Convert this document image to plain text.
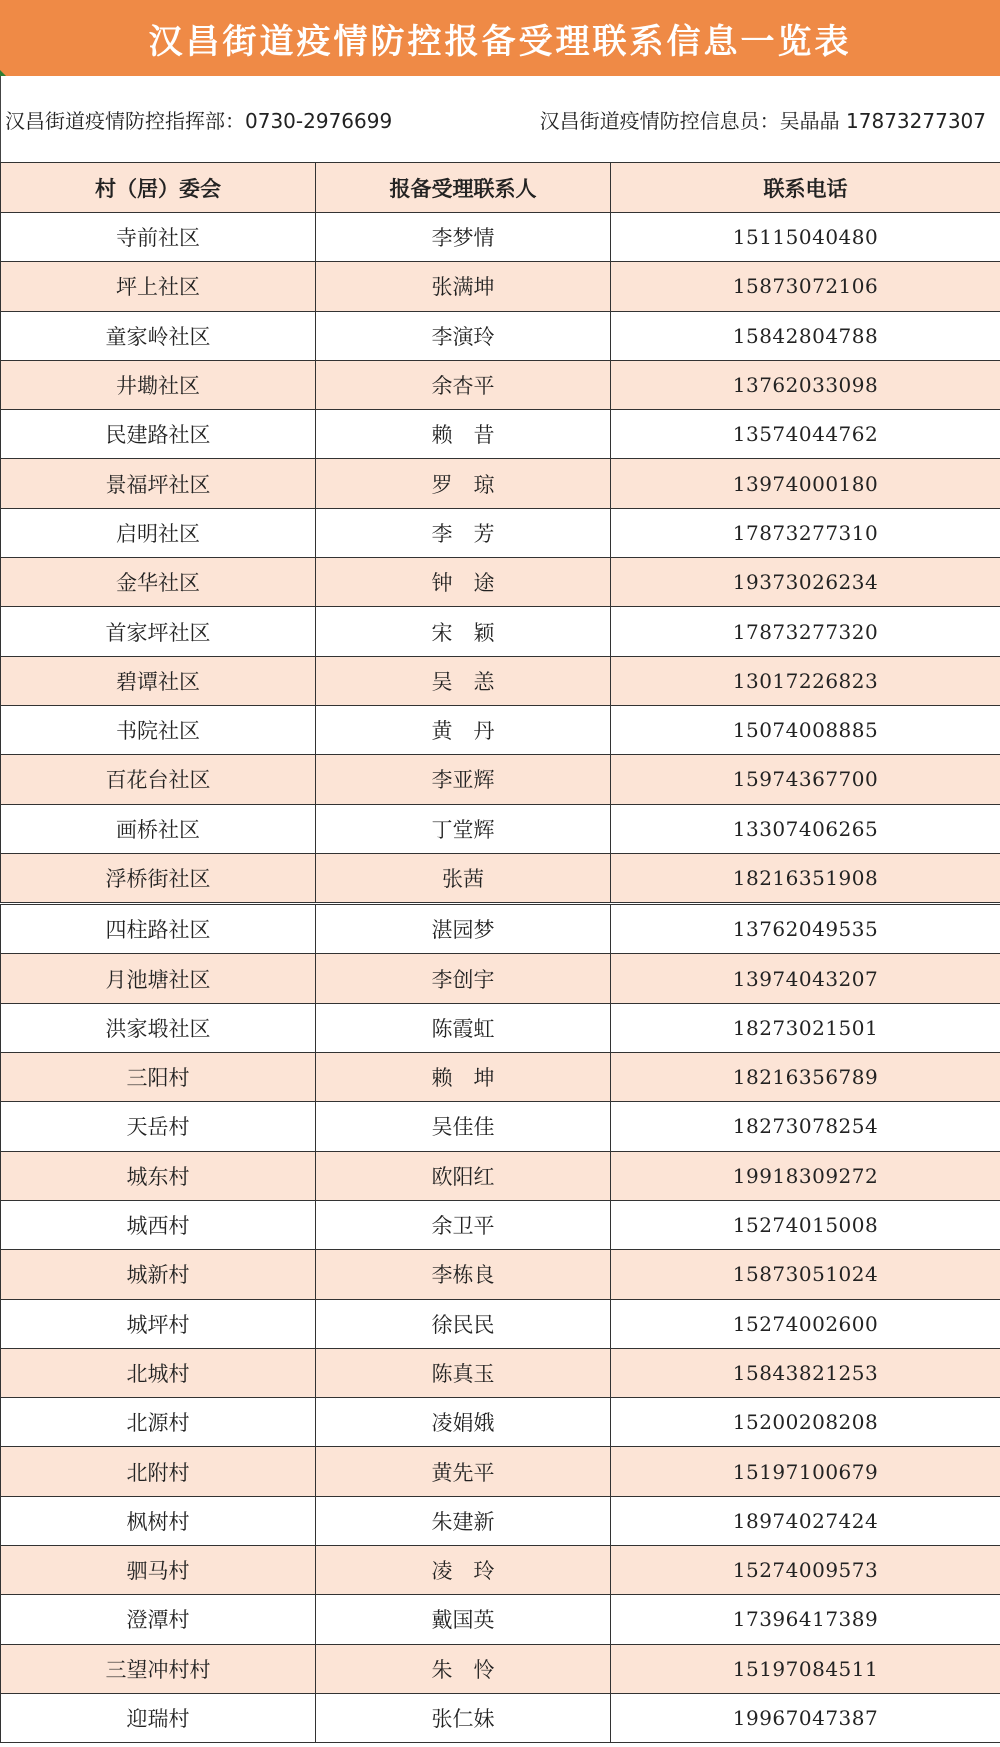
汉昌街道疫情防控报备受理联系信息一览表
汉昌街道疫情防控指挥部：0730-2976699	汉昌街道疫情防控信息员：吴晶晶 17873277307
村（居）委会	报备受理联系人	联系电话
寺前社区	李梦情	15115040480
坪上社区	张满坤	15873072106
童家岭社区	李演玲	15842804788
井墈社区	余杏平	13762033098
民建路社区	赖　昔	13574044762
景福坪社区	罗　琼	13974000180
启明社区	李　芳	17873277310
金华社区	钟　途	19373026234
首家坪社区	宋　颖	17873277320
碧谭社区	吴　恙	13017226823
书院社区	黄　丹	15074008885
百花台社区	李亚辉	15974367700
画桥社区	丁堂辉	13307406265
浮桥街社区	张茜	18216351908
四柱路社区	湛园梦	13762049535
月池塘社区	李创宇	13974043207
洪家塅社区	陈霞虹	18273021501
三阳村	赖　坤	18216356789
天岳村	吴佳佳	18273078254
城东村	欧阳红	19918309272
城西村	余卫平	15274015008
城新村	李栋良	15873051024
城坪村	徐民民	15274002600
北城村	陈真玉	15843821253
北源村	凌娟娥	15200208208
北附村	黄先平	15197100679
枫树村	朱建新	18974027424
驷马村	凌　玲	15274009573
澄潭村	戴国英	17396417389
三望冲村村	朱　怜	15197084511
迎瑞村	张仁妹	19967047387
